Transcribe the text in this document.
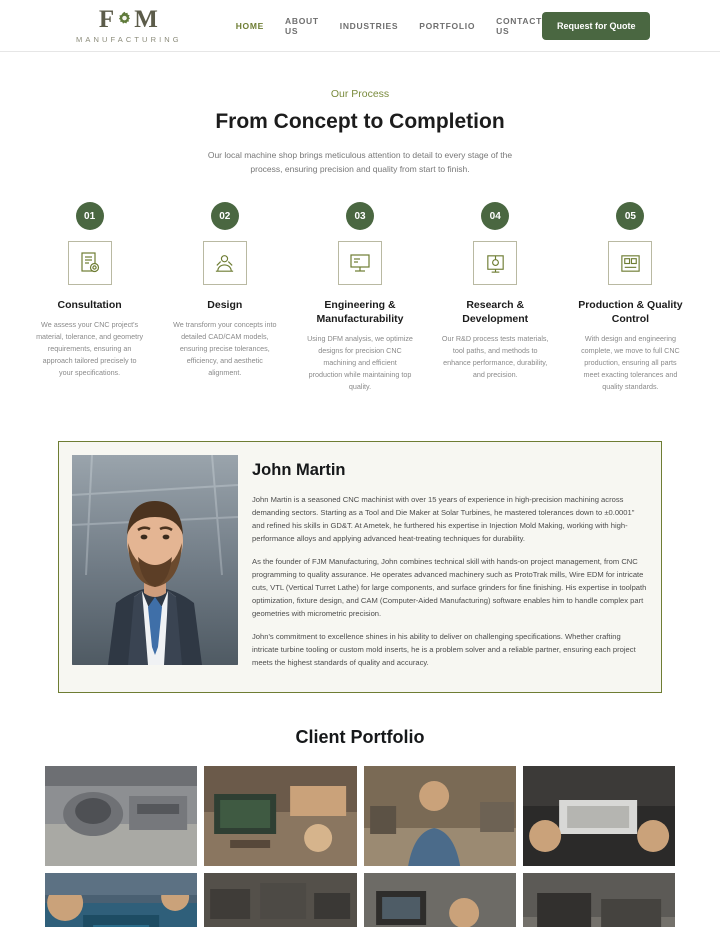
F M
MANUFACTURING
HOME ABOUT US	INDUSTRIES PORTFOLIO CONTACT US	Request for Quote
Our Process
From Concept to Completion

Our local machine shop brings meticulous attention to detail to every stage of the process, ensuring precision and quality from start to finish.

01
Consultation
We assess your CNC project's material, tolerance, and geometry requirements, ensuring an approach tailored precisely to your specifications.
02
Design
We transform your concepts into detailed CAD/CAM models, ensuring precise tolerances, efficiency, and aesthetic alignment.
03
Engineering & Manufacturability
Using DFM analysis, we optimize designs for precision CNC machining and efficient production while maintaining top quality.
04
Research & Development
Our R&D process tests materials, tool paths, and methods to enhance performance, durability, and precision.
05
Production & Quality Control
With design and engineering complete, we move to full CNC production, ensuring all parts meet exacting tolerances and quality standards.
John Martin

John Martin is a seasoned CNC machinist with over 15 years of experience in high-precision machining across demanding sectors. Starting as a Tool and Die Maker at Solar Turbines, he mastered tolerances down to ±0.0001" and refined his skills in GD&T. At Ametek, he furthered his expertise in Injection Mold Making, working with high-performance alloys and applying advanced heat-treating techniques for durability.

As the founder of FJM Manufacturing, John combines technical skill with hands-on project management, from CNC programming to quality assurance. He operates advanced machinery such as ProtoTrak mills, Wire EDM for intricate cuts, VTL (Vertical Turret Lathe) for large components, and surface grinders for fine finishing. His expertise in toolpath optimization, fixture design, and CAM (Computer-Aided Manufacturing) software enables him to handle complex part geometries with micrometric precision.

John's commitment to excellence shines in his ability to deliver on challenging specifications. Whether crafting intricate turbine tooling or custom mold inserts, he is a problem solver and a reliable partner, ensuring each project meets the highest standards of quality and accuracy.

Client Portfolio
